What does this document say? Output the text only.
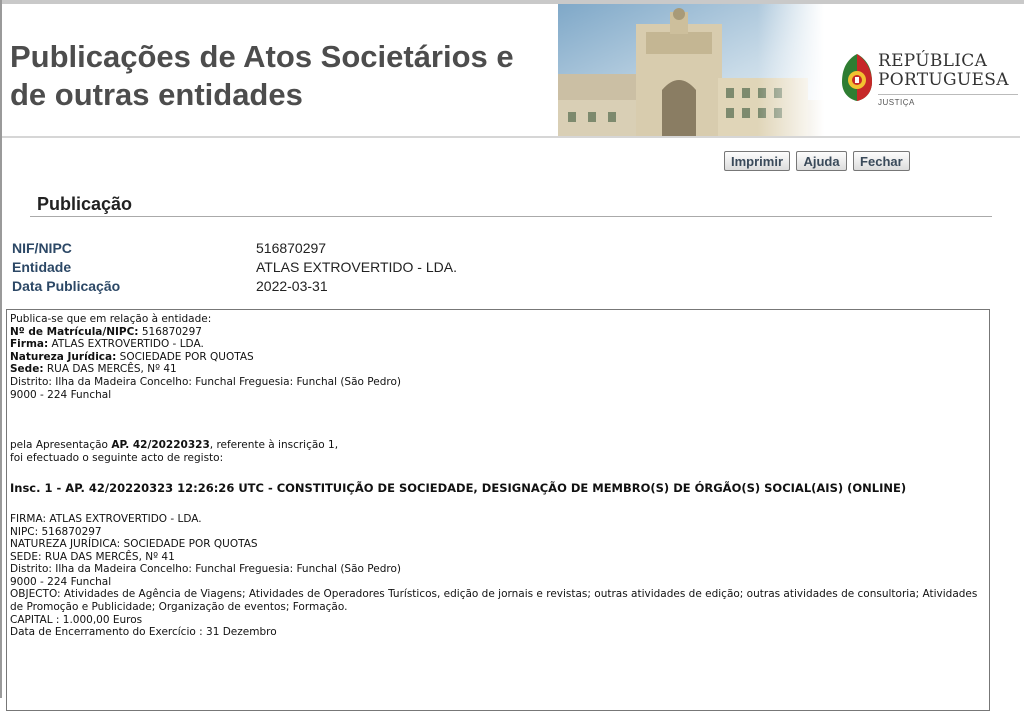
Publicações de Atos Societários e
de outras entidades
REPÚBLICA
PORTUGUESA
JUSTIÇA
Imprimir Ajuda Fechar
Publicação
NIF/NIPC	516870297
Entidade	ATLAS EXTROVERTIDO - LDA.
Data Publicação	2022-03-31
Publica-se que em relação à entidade:
Nº de Matrícula/NIPC: 516870297
Firma: ATLAS EXTROVERTIDO - LDA.
Natureza Jurídica: SOCIEDADE POR QUOTAS
Sede: RUA DAS MERCÊS, Nº 41
Distrito: Ilha da Madeira Concelho: Funchal Freguesia: Funchal (São Pedro)
9000 - 224 Funchal
pela Apresentação AP. 42/20220323, referente à inscrição 1,
foi efectuado o seguinte acto de registo:
Insc. 1 - AP. 42/20220323 12:26:26 UTC - CONSTITUIÇÃO DE SOCIEDADE, DESIGNAÇÃO DE MEMBRO(S) DE ÓRGÃO(S) SOCIAL(AIS) (ONLINE)
FIRMA: ATLAS EXTROVERTIDO - LDA.
NIPC: 516870297
NATUREZA JURÍDICA: SOCIEDADE POR QUOTAS
SEDE: RUA DAS MERCÊS, Nº 41
Distrito: Ilha da Madeira Concelho: Funchal Freguesia: Funchal (São Pedro)
9000 - 224 Funchal
OBJECTO: Atividades de Agência de Viagens; Atividades de Operadores Turísticos, edição de jornais e revistas; outras atividades de edição; outras atividades de consultoria; Atividades de Promoção e Publicidade; Organização de eventos; Formação.
CAPITAL : 1.000,00 Euros
Data de Encerramento do Exercício : 31 Dezembro
